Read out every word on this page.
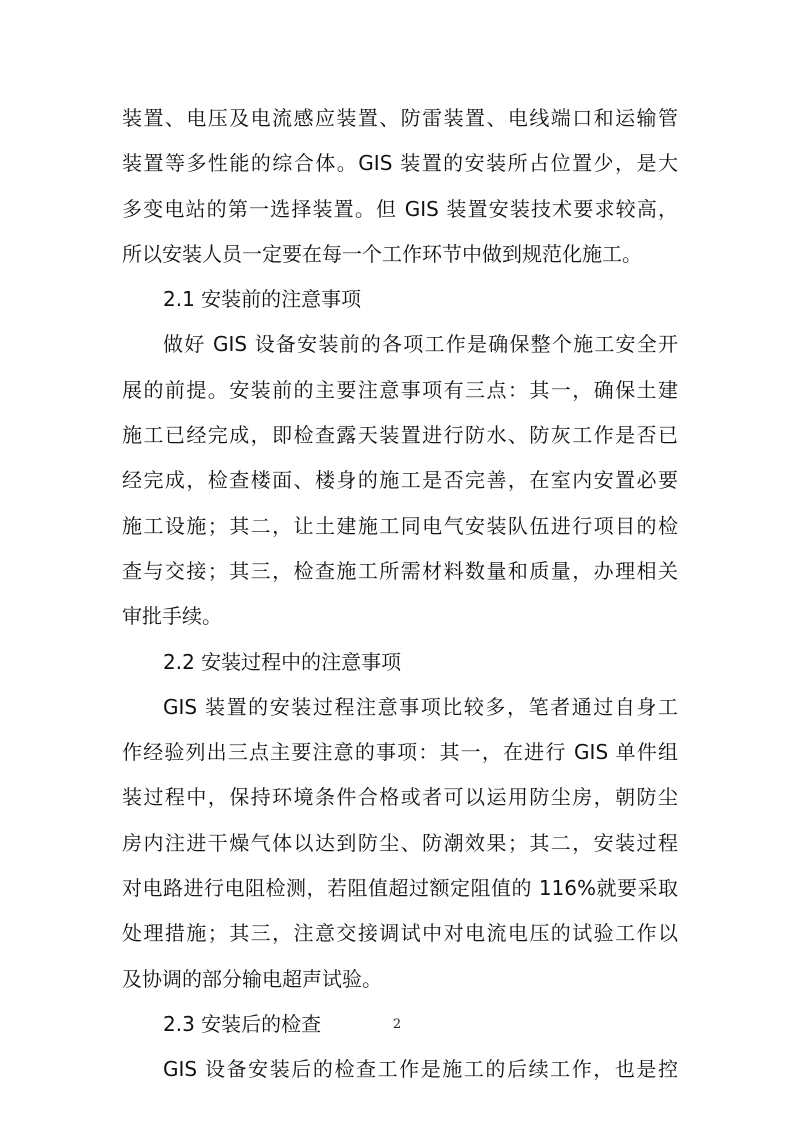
装置、电压及电流感应装置、防雷装置、电线端口和运输管
装置等多性能的综合体。GIS 装置的安装所占位置少，是大
多变电站的第一选择装置。但 GIS 装置安装技术要求较高，
所以安装人员一定要在每一个工作环节中做到规范化施工。
2.1 安装前的注意事项
做好 GIS 设备安装前的各项工作是确保整个施工安全开
展的前提。安装前的主要注意事项有三点：其一，确保土建
施工已经完成，即检查露天装置进行防水、防灰工作是否已
经完成，检查楼面、楼身的施工是否完善，在室内安置必要
施工设施；其二，让土建施工同电气安装队伍进行项目的检
查与交接；其三，检查施工所需材料数量和质量，办理相关
审批手续。
2.2 安装过程中的注意事项
GIS 装置的安装过程注意事项比较多，笔者通过自身工
作经验列出三点主要注意的事项：其一，在进行 GIS 单件组
装过程中，保持环境条件合格或者可以运用防尘房，朝防尘
房内注进干燥气体以达到防尘、防潮效果；其二，安装过程
对电路进行电阻检测，若阻值超过额定阻值的 116%就要采取
处理措施；其三，注意交接调试中对电流电压的试验工作以
及协调的部分输电超声试验。
2.3 安装后的检查
GIS 设备安装后的检查工作是施工的后续工作，也是控
2
